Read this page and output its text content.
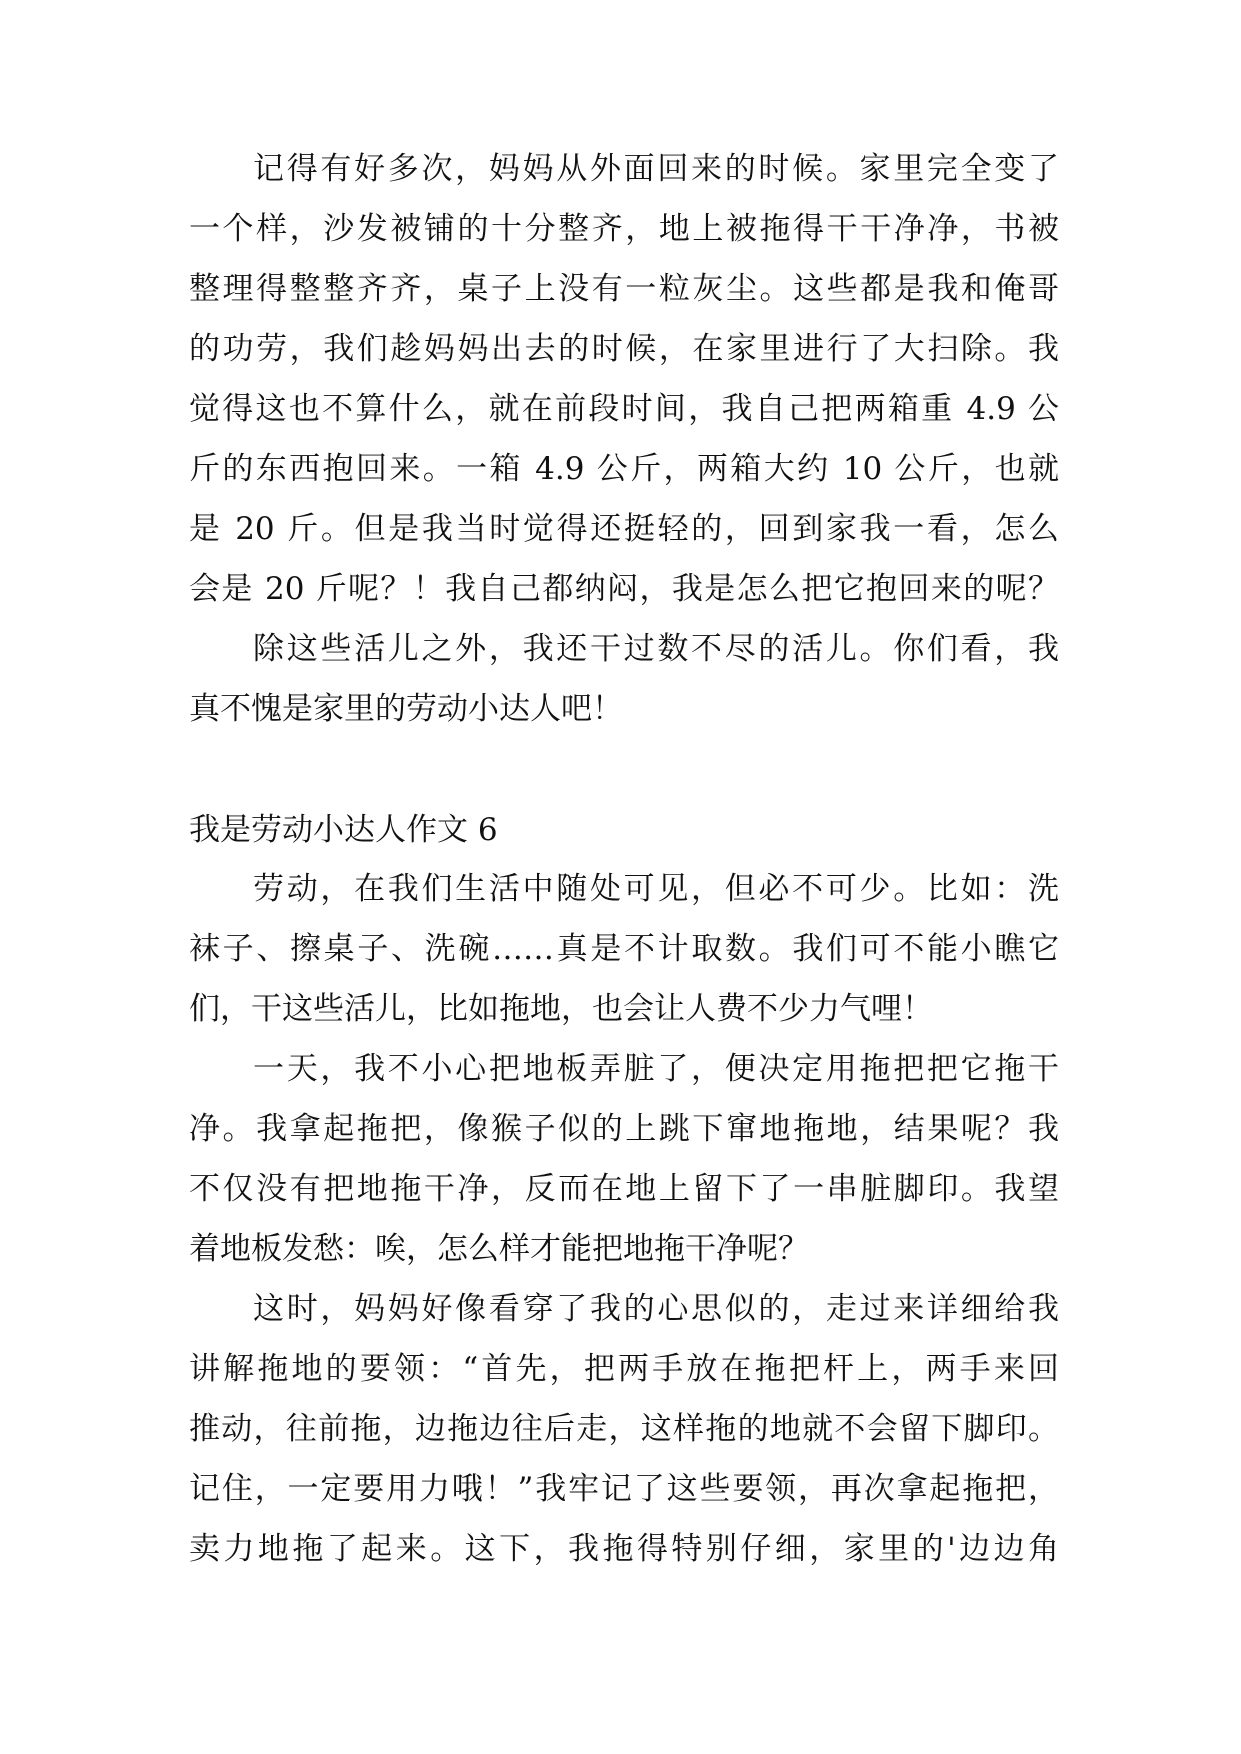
记得有好多次，妈妈从外面回来的时候。家里完全变了
一个样，沙发被铺的十分整齐，地上被拖得干干净净，书被
整理得整整齐齐，桌子上没有一粒灰尘。这些都是我和俺哥
的功劳，我们趁妈妈出去的时候，在家里进行了大扫除。我
觉得这也不算什么，就在前段时间，我自己把两箱重 4.9 公
斤的东西抱回来。一箱 4.9 公斤，两箱大约 10 公斤，也就
是 20 斤。但是我当时觉得还挺轻的，回到家我一看，怎么
会是 20 斤呢？！我自己都纳闷，我是怎么把它抱回来的呢？
除这些活儿之外，我还干过数不尽的活儿。你们看，我
真不愧是家里的劳动小达人吧！
我是劳动小达人作文 6
劳动，在我们生活中随处可见，但必不可少。比如：洗
袜子、擦桌子、洗碗……真是不计取数。我们可不能小瞧它
们，干这些活儿，比如拖地，也会让人费不少力气哩！
一天，我不小心把地板弄脏了，便决定用拖把把它拖干
净。我拿起拖把，像猴子似的上跳下窜地拖地，结果呢？我
不仅没有把地拖干净，反而在地上留下了一串脏脚印。我望
着地板发愁：唉，怎么样才能把地拖干净呢？
这时，妈妈好像看穿了我的心思似的，走过来详细给我
讲解拖地的要领：“首先，把两手放在拖把杆上，两手来回
推动，往前拖，边拖边往后走，这样拖的地就不会留下脚印。
记住，一定要用力哦！”我牢记了这些要领，再次拿起拖把，
卖力地拖了起来。这下，我拖得特别仔细，家里的'边边角
